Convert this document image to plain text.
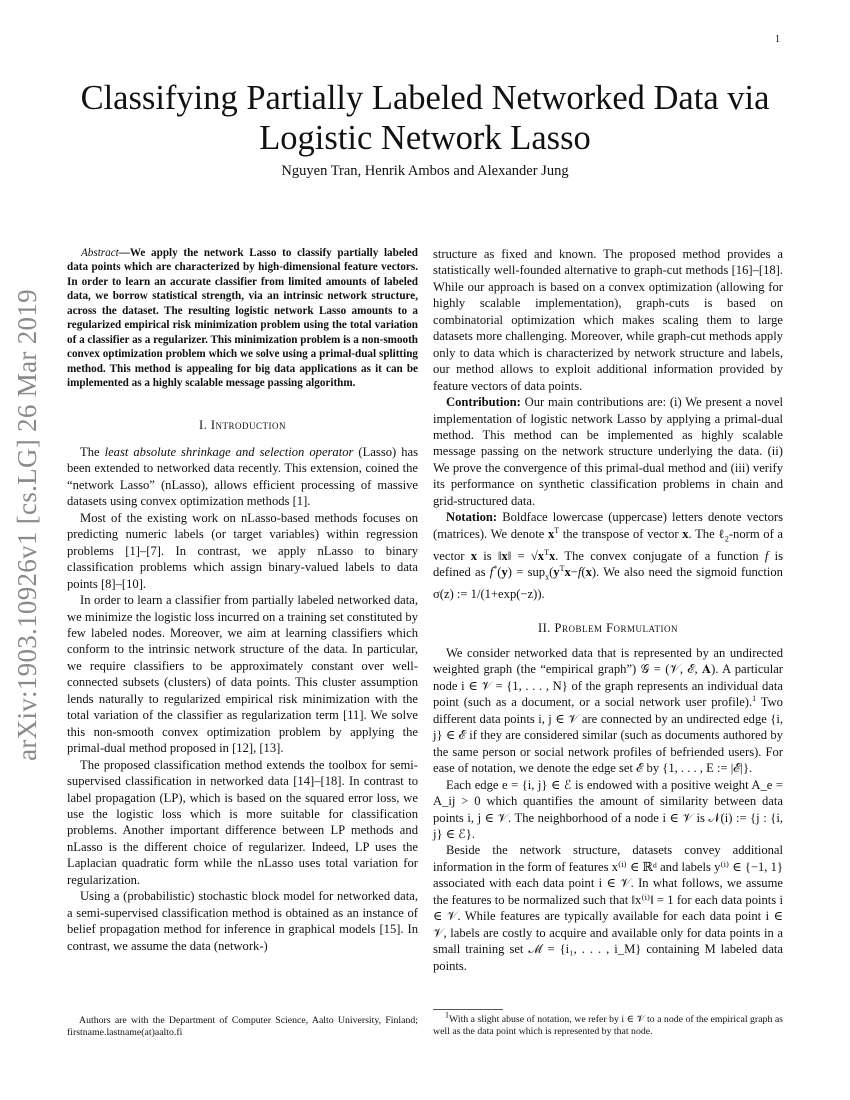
1
arXiv:1903.10926v1 [cs.LG] 26 Mar 2019
Classifying Partially Labeled Networked Data via Logistic Network Lasso
Nguyen Tran, Henrik Ambos and Alexander Jung

Abstract—We apply the network Lasso to classify partially labeled data points which are characterized by high-dimensional feature vectors. In order to learn an accurate classifier from limited amounts of labeled data, we borrow statistical strength, via an intrinsic network structure, across the dataset. The resulting logistic network Lasso amounts to a regularized empirical risk minimization problem using the total variation of a classifier as a regularizer. This minimization problem is a non-smooth convex optimization problem which we solve using a primal-dual splitting method. This method is appealing for big data applications as it can be implemented as a highly scalable message passing algorithm.

I. Introduction

The least absolute shrinkage and selection operator (Lasso) has been extended to networked data recently. This extension, coined the “network Lasso” (nLasso), allows efficient processing of massive datasets using convex optimization methods [1].

Most of the existing work on nLasso-based methods focuses on predicting numeric labels (or target variables) within regression problems [1]–[7]. In contrast, we apply nLasso to binary classification problems which assign binary-valued labels to data points [8]–[10].

In order to learn a classifier from partially labeled networked data, we minimize the logistic loss incurred on a training set constituted by few labeled nodes. Moreover, we aim at learning classifiers which conform to the intrinsic network structure of the data. In particular, we require classifiers to be approximately constant over well-connected subsets (clusters) of data points. This cluster assumption lends naturally to regularized empirical risk minimization with the total variation of the classifier as regularization term [11]. We solve this non-smooth convex optimization problem by applying the primal-dual method proposed in [12], [13].

The proposed classification method extends the toolbox for semi-supervised classification in networked data [14]–[18]. In contrast to label propagation (LP), which is based on the squared error loss, we use the logistic loss which is more suitable for classification problems. Another important difference between LP methods and nLasso is the different choice of regularizer. Indeed, LP uses the Laplacian quadratic form while the nLasso uses total variation for regularization.

Using a (probabilistic) stochastic block model for networked data, a semi-supervised classification method is obtained as an instance of belief propagation method for inference in graphical models [15]. In contrast, we assume the data (network-)

structure as fixed and known. The proposed method provides a statistically well-founded alternative to graph-cut methods [16]–[18]. While our approach is based on a convex optimization (allowing for highly scalable implementation), graph-cuts is based on combinatorial optimization which makes scaling them to large datasets more challenging. Moreover, while graph-cut methods apply only to data which is characterized by network structure and labels, our method allows to exploit additional information provided by feature vectors of data points.

Contribution: Our main contributions are: (i) We present a novel implementation of logistic network Lasso by applying a primal-dual method. This method can be implemented as highly scalable message passing on the network structure underlying the data. (ii) We prove the convergence of this primal-dual method and (iii) verify its performance on synthetic classification problems in chain and grid-structured data.

Notation: Boldface lowercase (uppercase) letters denote vectors (matrices). We denote $x^T$ the transpose of vector x. The ℓ$_2$-norm of a vector x is ‖x‖ = $√x^Tx$. The convex conjugate of a function f is defined as $f^*(y) = sup_x(y^Tx-f(x)$. We also need the sigmoid function σ(z) := 1/(1+exp(−z)).

II. Problem Formulation

We consider networked data that is represented by an undirected weighted graph (the “empirical graph”) 𝒢 = (𝒱, ℰ, 𝐀). A particular node i ∈ 𝒱 = {1, . . . , N} of the graph represents an individual data point (such as a document, or a social network user profile).$^1$ Two different data points i, j ∈ 𝒱 are connected by an undirected edge {i, j} ∈ ℰ if they are considered similar (such as documents authored by the same person or social network profiles of befriended users). For ease of notation, we denote the edge set ℰ by {1, . . . , E := |ℰ|}.

Each edge e = {i, j} ∈ ℰ is endowed with a positive weight A_e = A_ij > 0 which quantifies the amount of similarity between data points i, j ∈ 𝒱. The neighborhood of a node i ∈ 𝒱 is 𝒩(i) := {j : {i, j} ∈ ℰ}.

Beside the network structure, datasets convey additional information in the form of features x⁽ⁱ⁾ ∈ ℝᵈ and labels y⁽ⁱ⁾ ∈ {−1, 1} associated with each data point i ∈ 𝒱. In what follows, we assume the features to be normalized such that ‖x⁽ⁱ⁾‖ = 1 for each data points i ∈ 𝒱. While features are typically available for each data point i ∈ 𝒱, labels are costly to acquire and available only for data points in a small training set ℳ = {i₁, . . . , i_M} containing M labeled data points.

Authors are with the Department of Computer Science, Aalto University, Finland; firstname.lastname(at)aalto.fi
$^1$With a slight abuse of notation, we refer by i ∈ 𝒱 to a node of the empirical graph as well as the data point which is represented by that node.
